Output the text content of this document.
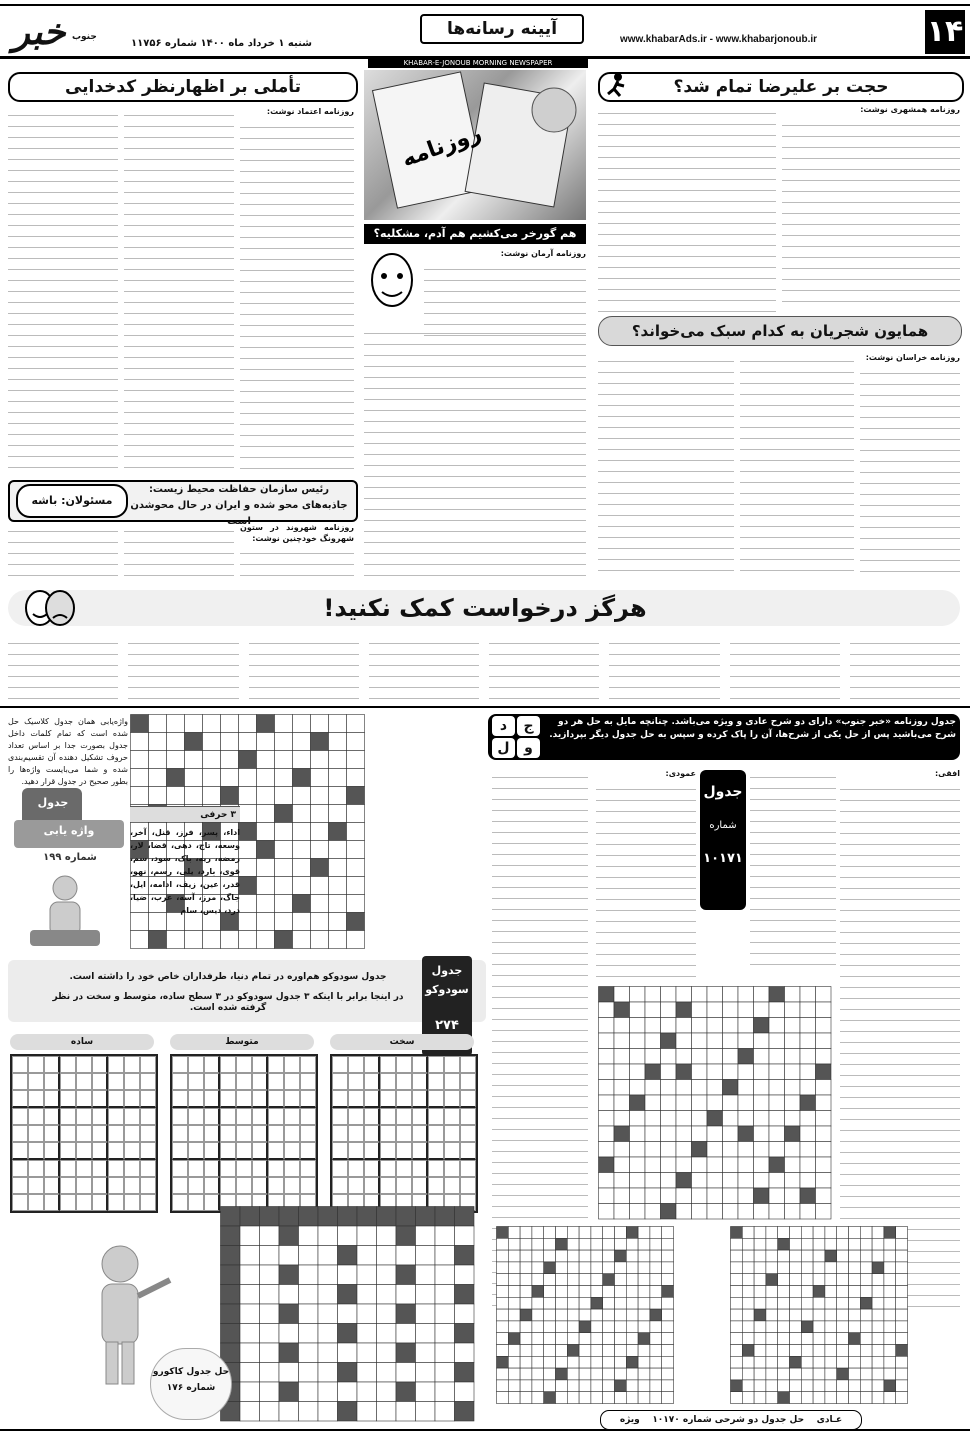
۱۴
www.khabarAds.ir - www.khabarjonoub.ir
آیینه رسانه‌ها
شنبه ۱ خرداد ماه ۱۴۰۰ شماره ۱۱۷۵۶
خبر جنوب
KHABAR-E-JONOUB MORNING NEWSPAPER
تأملی بر اظهارنظر کدخدایی
روزنامه اعتماد نوشت:
مسئولان: باشه
رئیس سازمان حفاظت محیط زیست: جاذبه‌های محو شده و ایران در حال محوشدن است
روزنامه
هم گورخر می‌کشیم هم آدم، مشکلیه؟
روزنامه آرمان نوشت:
حجت بر علیرضا تمام شد؟
روزنامه همشهری نوشت:
همایون شجریان به کدام سبک می‌خواند؟
روزنامه خراسان نوشت:
روزنامه شهروند در ستون شهرونگ خودچنین نوشت:
هرگز درخواست کمک نکنید!
جدول روزنامه «خبر جنوب» دارای دو شرح عادی و ویژه می‌باشد. چنانچه مایل به حل هر دو شرح می‌باشید پس از حل یکی از شرح‌ها، آن را پاک کرده و سپس به حل جدول دیگر بپردازید.
د	ج
ل	و
افقی:
جدول
شماره
۱۰۱۷۱
عمودی:
عـادی    حل جدول دو شرحی شماره ۱۰۱۷۰    ویژه
واژه‌یابی همان جدول کلاسیک حل شده است که تمام کلمات داخل جدول بصورت جدا بر اساس تعداد حروف تشکیل دهنده آن تقسیم‌بندی شده و شما می‌بایست واژه‌ها را بطور صحیح در جدول قرار دهید.
جدول
واژه یابی
شماره ۱۹۹
۳ حرفی
اداء، پسر، فرز، قنل، آخر، وسعه، تاج، دهی، قضا، لار، رمضه، ریه، باک، سود، سم، قوی، بارد، یلی، رسم، نهو، قدر، عین، زیف، ادامه، ایل، جاگ، مرز، آسه، عرب، ضیا، درد، دیس، سام
جدول
سودوکو
۲۷۴
جدول سودوکو هم‌اوره در تمام دنیا، طرفداران خاص خود را داشته است.
در اینجا برابر با اینکه ۳ جدول سودوکو در ۳ سطح ساده، متوسط و سخت در نظر گرفته شده است.
سخت
متوسط
ساده
حل جدول کاکورو
شماره ۱۷۶
